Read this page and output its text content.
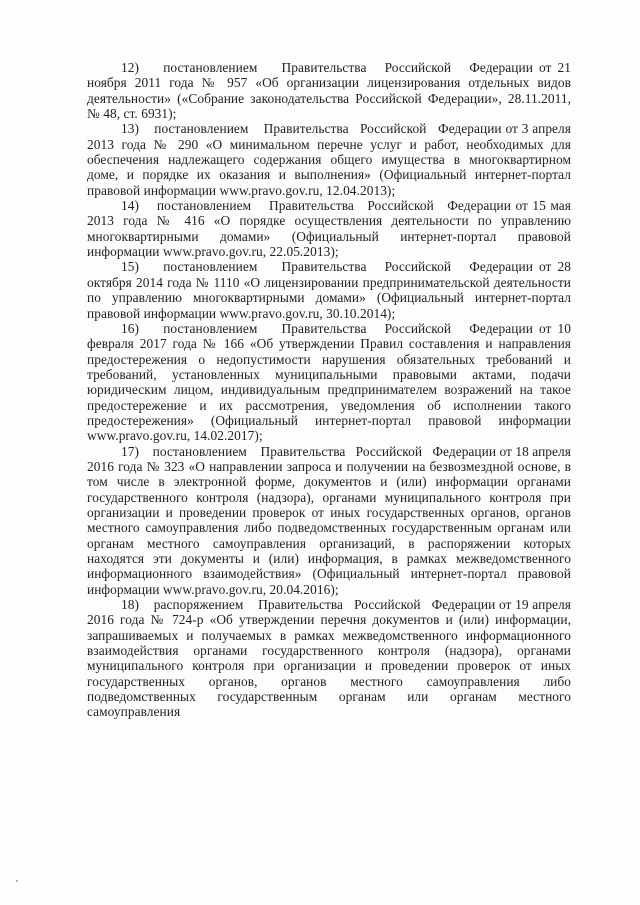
12)    постановлением    Правительства   Российской   Федерации от 21 ноября 2011 года № 957 «Об организации лицензирования отдельных видов деятельности» («Собрание законодательства Российской Федерации», 28.11.2011, № 48, ст. 6931);

13)    постановлением    Правительства   Российской   Федерации от 3 апреля 2013 года № 290 «О минимальном перечне услуг и работ, необходимых для обеспечения надлежащего содержания общего имущества в многоквартирном доме, и порядке их оказания и выполнения» (Официальный интернет-портал правовой информации www.pravo.gov.ru, 12.04.2013);

14)    постановлением    Правительства   Российской   Федерации от 15 мая 2013 года № 416 «О порядке осуществления деятельности по управлению многоквартирными домами» (Официальный интернет-портал правовой информации www.pravo.gov.ru, 22.05.2013);

15)    постановлением    Правительства   Российской   Федерации от 28 октября 2014 года № 1110 «О лицензировании предпринимательской деятельности по управлению многоквартирными домами» (Официальный интернет-портал правовой информации www.pravo.gov.ru, 30.10.2014);

16)    постановлением    Правительства   Российской   Федерации от 10 февраля 2017 года № 166 «Об утверждении Правил составления и направления предостережения о недопустимости нарушения обязательных требований и требований, установленных муниципальными правовыми актами, подачи юридическим лицом, индивидуальным предпринимателем возражений на такое предостережение и их рассмотрения, уведомления об исполнении такого предостережения» (Официальный интернет-портал правовой информации www.pravo.gov.ru, 14.02.2017);

17)    постановлением    Правительства   Российской   Федерации от 18 апреля 2016 года № 323 «О направлении запроса и получении на безвозмездной основе, в том числе в электронной форме, документов и (или) информации органами государственного контроля (надзора), органами муниципального контроля при организации и проведении проверок от иных государственных органов, органов местного самоуправления либо подведомственных государственным органам или органам местного самоуправления организаций, в распоряжении которых находятся эти документы и (или) информация, в рамках межведомственного информационного взаимодействия» (Официальный интернет-портал правовой информации www.pravo.gov.ru, 20.04.2016);

18)    распоряжением    Правительства   Российской   Федерации от 19 апреля 2016 года № 724-р «Об утверждении перечня документов и (или) информации, запрашиваемых и получаемых в рамках межведомственного информационного взаимодействия органами государственного контроля (надзора), органами муниципального контроля при организации и проведении проверок от иных государственных органов, органов местного самоуправления либо подведомственных государственным органам или органам местного самоуправления
